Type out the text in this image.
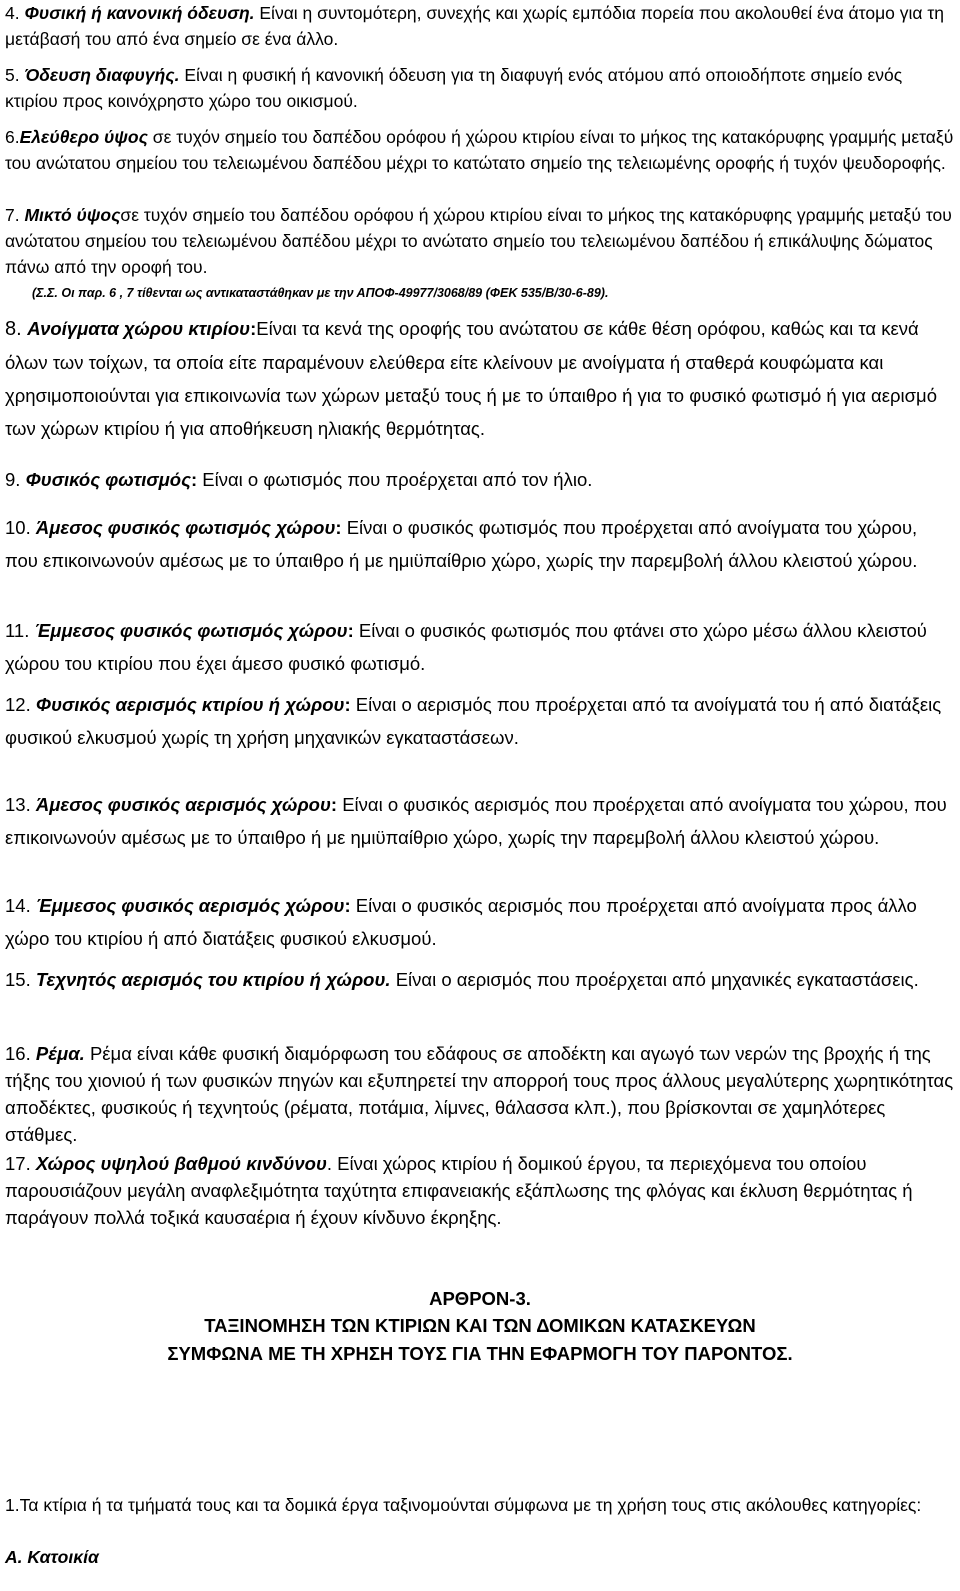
4. Φυσική ή κανονική όδευση. Είναι η συντομότερη, συνεχής και χωρίς εμπόδια πορεία που ακολουθεί ένα άτομο για τη μετάβασή του από ένα σημείο σε ένα άλλο.

5. Όδευση διαφυγής. Είναι η φυσική ή κανονική όδευση για τη διαφυγή ενός ατόμου από οποιοδήποτε σημείο ενός κτιρίου προς κοινόχρηστο χώρο του οικισμού.

6.Ελεύθερο ύψος σε τυχόν σημείο του δαπέδου ορόφου ή χώρου κτιρίου είναι το μήκος της κατακόρυφης γραμμής μεταξύ του ανώτατου σημείου του τελειωμένου δαπέδου μέχρι το κατώτατο σημείο της τελειωμένης οροφής ή τυχόν ψευδοροφής.

7. Μικτό ύψοςσε τυχόν σημείο του δαπέδου ορόφου ή χώρου κτιρίου είναι το μήκος της κατακόρυφης γραμμής μεταξύ του ανώτατου σημείου του τελειωμένου δαπέδου μέχρι το ανώτατο σημείο του τελειωμένου δαπέδου ή επικάλυψης δώματος πάνω από την οροφή του.

(Σ.Σ. Οι παρ. 6 , 7 τίθενται ως αντικαταστάθηκαν με την ΑΠΟΦ-49977/3068/89 (ΦΕΚ 535/Β/30-6-89).

8. Ανοίγματα χώρου κτιρίου:Είναι τα κενά της οροφής του ανώτατου σε κάθε θέση ορόφου, καθώς και τα κενά όλων των τοίχων, τα οποία είτε παραμένουν ελεύθερα είτε κλείνουν με ανοίγματα ή σταθερά κουφώματα και χρησιμοποιούνται για επικοινωνία των χώρων μεταξύ τους ή με το ύπαιθρο ή για το φυσικό φωτισμό ή για αερισμό των χώρων κτιρίου ή για αποθήκευση ηλιακής θερμότητας.

9. Φυσικός φωτισμός: Είναι ο φωτισμός που προέρχεται από τον ήλιο.

10. Άμεσος φυσικός φωτισμός χώρου: Είναι ο φυσικός φωτισμός που προέρχεται από ανοίγματα του χώρου, που επικοινωνούν αμέσως με το ύπαιθρο ή με ημιϋπαίθριο χώρο, χωρίς την παρεμβολή άλλου κλειστού χώρου.

11. Έμμεσος φυσικός φωτισμός χώρου: Είναι ο φυσικός φωτισμός που φτάνει στο χώρο μέσω άλλου κλειστού χώρου του κτιρίου που έχει άμεσο φυσικό φωτισμό.

12. Φυσικός αερισμός κτιρίου ή χώρου: Είναι ο αερισμός που προέρχεται από τα ανοίγματά του ή από διατάξεις φυσικού ελκυσμού χωρίς τη χρήση μηχανικών εγκαταστάσεων.

13. Άμεσος φυσικός αερισμός χώρου: Είναι ο φυσικός αερισμός που προέρχεται από ανοίγματα του χώρου, που επικοινωνούν αμέσως με το ύπαιθρο ή με ημιϋπαίθριο χώρο, χωρίς την παρεμβολή άλλου κλειστού χώρου.

14. Έμμεσος φυσικός αερισμός χώρου: Είναι ο φυσικός αερισμός που προέρχεται από ανοίγματα προς άλλο χώρο του κτιρίου ή από διατάξεις φυσικού ελκυσμού.

15. Τεχνητός αερισμός του κτιρίου ή χώρου. Είναι ο αερισμός που προέρχεται από μηχανικές εγκαταστάσεις.

16. Ρέμα. Ρέμα είναι κάθε φυσική διαμόρφωση του εδάφους σε αποδέκτη και αγωγό των νερών της βροχής ή της τήξης του χιονιού ή των φυσικών πηγών και εξυπηρετεί την απορροή τους προς άλλους μεγαλύτερης χωρητικότητας αποδέκτες, φυσικούς ή τεχνητούς (ρέματα, ποτάμια, λίμνες, θάλασσα κλπ.), που βρίσκονται σε χαμηλότερες στάθμες.

17. Χώρος υψηλού βαθμού κινδύνου. Είναι χώρος κτιρίου ή δομικού έργου, τα περιεχόμενα του οποίου παρουσιάζουν μεγάλη αναφλεξιμότητα ταχύτητα επιφανειακής εξάπλωσης της φλόγας και έκλυση θερμότητας ή παράγουν πολλά τοξικά καυσαέρια ή έχουν κίνδυνο έκρηξης.

ΑΡΘΡΟΝ-3.

ΤΑΞΙΝΟΜΗΣΗ ΤΩΝ ΚΤΙΡΙΩΝ ΚΑΙ ΤΩΝ ΔΟΜΙΚΩΝ ΚΑΤΑΣΚΕΥΩΝ

ΣΥΜΦΩΝΑ ΜΕ ΤΗ ΧΡΗΣΗ ΤΟΥΣ ΓΙΑ ΤΗΝ ΕΦΑΡΜΟΓΗ ΤΟΥ ΠΑΡΟΝΤΟΣ.

1.Τα κτίρια ή τα τμήματά τους και τα δομικά έργα ταξινομούνται σύμφωνα με τη χρήση τους στις ακόλουθες κατηγορίες:

Α. Κατοικία
